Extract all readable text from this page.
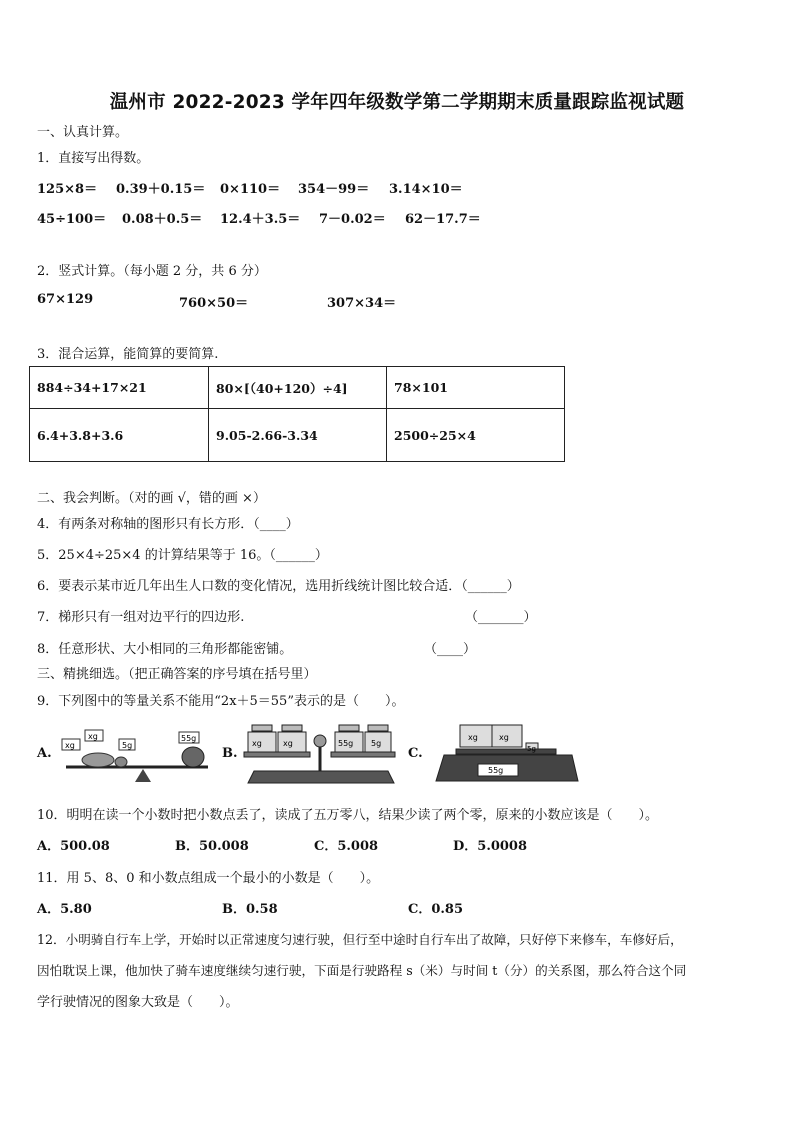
温州市 2022-2023 学年四年级数学第二学期期末质量跟踪监视试题
一、认真计算。
1．直接写出得数。
125×8＝ 0.39＋0.15＝ 0×110＝ 354－99＝ 3.14×10＝
45÷100＝ 0.08＋0.5＝ 12.4＋3.5＝ 7－0.02＝ 62－17.7＝
2．竖式计算。（每小题 2 分，共 6 分）
67×129	760×50＝	307×34＝
3．混合运算，能简算的要简算.
884÷34+17×21	80×[（40+120）÷4]	78×101
6.4+3.8+3.6	9.05-2.66-3.34	2500÷25×4
二、我会判断。（对的画 √，错的画 ×）
4．有两条对称轴的图形只有长方形．（____）
5．25×4÷25×4 的计算结果等于 16。（______）
6．要表示某市近几年出生人口数的变化情况，选用折线统计图比较合适．（______）
7．梯形只有一组对边平行的四边形.	（_______）
8．任意形状、大小相同的三角形都能密铺。	（____）
三、精挑细选。（把正确答案的序号填在括号里）
9．下列图中的等量关系不能用“2x＋5＝55”表示的是（　　）。
A.
xg
xg
5g
55g
B.
xg	xg	55g 5g
C.
xg	xg
5g
55g
10．明明在读一个小数时把小数点丢了，读成了五万零八，结果少读了两个零，原来的小数应该是（　　）。
A．500.08	B．50.008	C．5.008	D．5.0008
11．用 5、8、0 和小数点组成一个最小的小数是（　　）。
A．5.80	B．0.58	C．0.85
12．小明骑自行车上学，开始时以正常速度匀速行驶，但行至中途时自行车出了故障，只好停下来修车，车修好后，
因怕耽误上课，他加快了骑车速度继续匀速行驶，下面是行驶路程 s（米）与时间 t（分）的关系图，那么符合这个同
学行驶情况的图象大致是（　　）。
